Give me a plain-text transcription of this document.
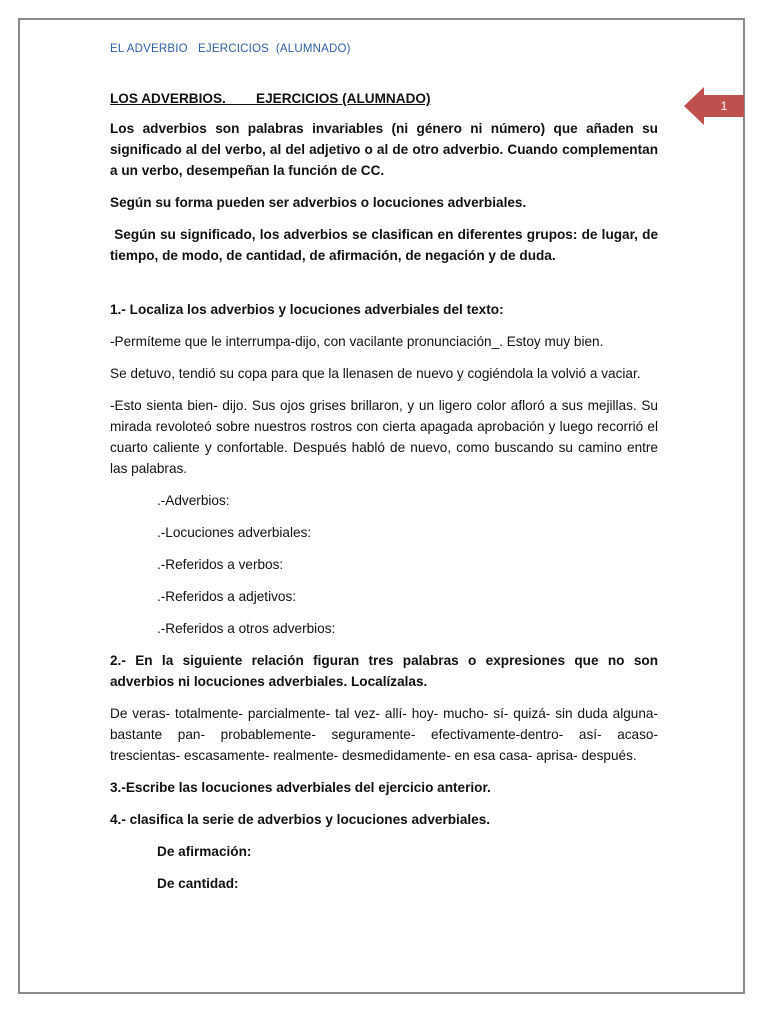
EL ADVERBIO   EJERCICIOS  (ALUMNADO)
1

LOS ADVERBIOS.        EJERCICIOS (ALUMNADO)

Los adverbios son palabras invariables (ni género ni número) que añaden su significado al del verbo, al del adjetivo o al de otro adverbio. Cuando complementan a un verbo, desempeñan la función de CC.

Según su forma pueden ser adverbios o locuciones adverbiales.

Según su significado, los adverbios se clasifican en diferentes grupos: de lugar, de tiempo, de modo, de cantidad, de afirmación, de negación y de duda.

1.- Localiza los adverbios y locuciones adverbiales del texto:

-Permíteme que le interrumpa-dijo, con vacilante pronunciación_. Estoy muy bien.

Se detuvo, tendió su copa para que la llenasen de nuevo y cogiéndola la volvió a vaciar.

-Esto sienta bien- dijo. Sus ojos grises brillaron, y un ligero color afloró a sus mejillas. Su mirada revoloteó sobre nuestros rostros con cierta apagada aprobación y luego recorrió el cuarto caliente y confortable. Después habló de nuevo, como buscando su camino entre las palabras.

.-Adverbios:

.-Locuciones adverbiales:

.-Referidos a verbos:

.-Referidos a adjetivos:

.-Referidos a otros adverbios:

2.- En la siguiente relación figuran tres palabras o expresiones que no son adverbios ni locuciones adverbiales. Localízalas.

De veras- totalmente- parcialmente- tal vez- allí- hoy- mucho- sí- quizá- sin duda alguna- bastante pan- probablemente- seguramente- efectivamente-dentro- así- acaso- trescientas- escasamente- realmente- desmedidamente- en esa casa- aprisa- después.

3.-Escribe las locuciones adverbiales del ejercicio anterior.

4.- clasifica la serie de adverbios y locuciones adverbiales.

De afirmación:

De cantidad:
